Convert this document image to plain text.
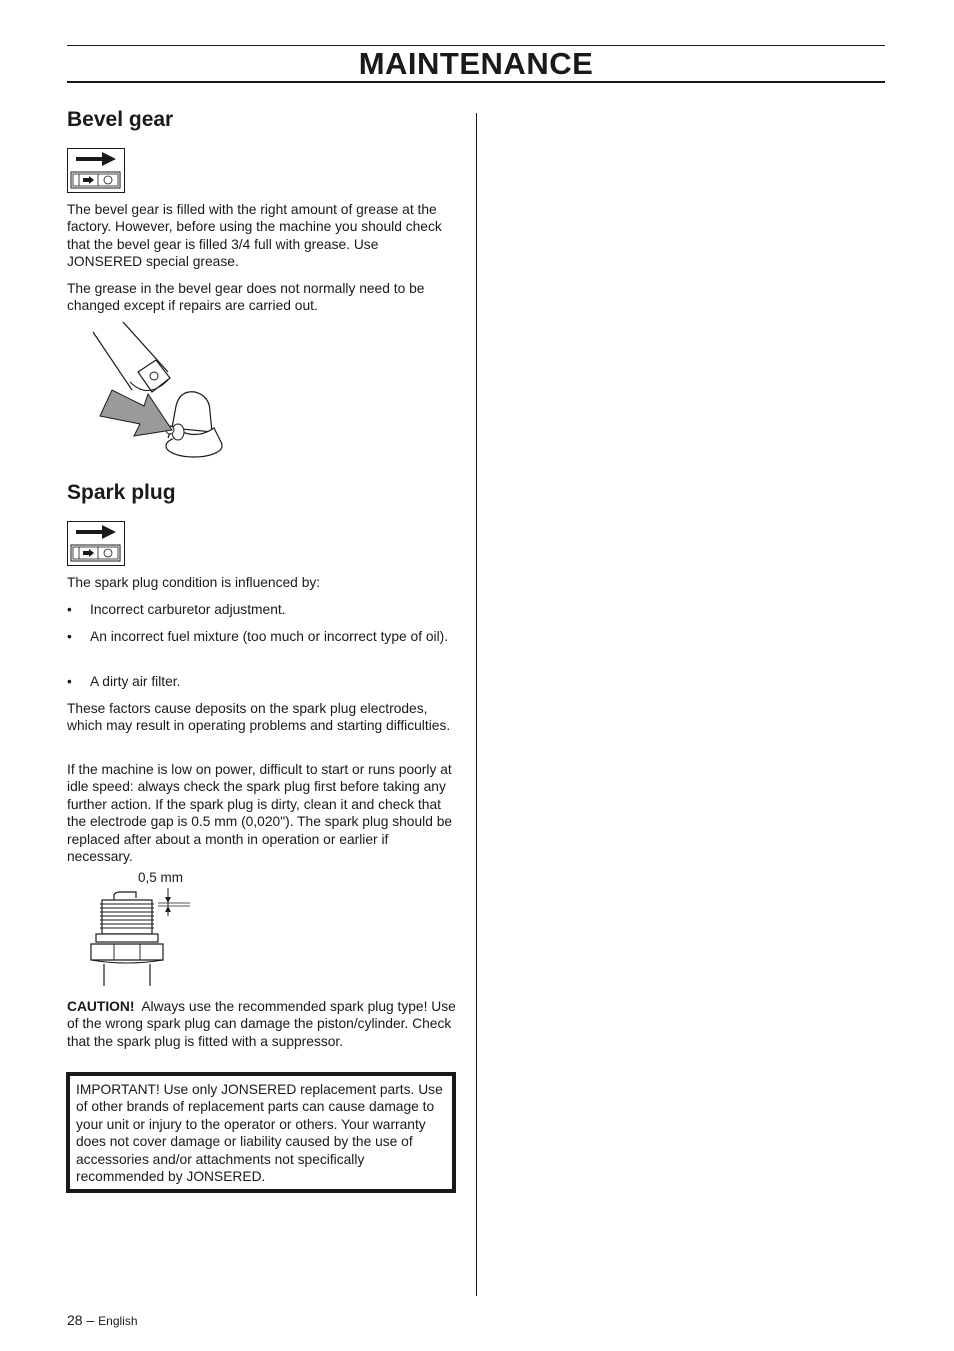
MAINTENANCE
Bevel gear
The bevel gear is filled with the right amount of grease at the factory. However, before using the machine you should check that the bevel gear is filled 3/4 full with grease. Use JONSERED special grease.
The grease in the bevel gear does not normally need to be changed except if repairs are carried out.
Spark plug
The spark plug condition is influenced by:
• Incorrect carburetor adjustment.
• An incorrect fuel mixture (too much or incorrect type of oil).
• A dirty air filter.
These factors cause deposits on the spark plug electrodes, which may result in operating problems and starting difficulties.
If the machine is low on power, difficult to start or runs poorly at idle speed: always check the spark plug first before taking any further action. If the spark plug is dirty, clean it and check that the electrode gap is 0.5 mm (0,020"). The spark plug should be replaced after about a month in operation or earlier if necessary.
0,5 mm
CAUTION! Always use the recommended spark plug type! Use of the wrong spark plug can damage the piston/cylinder. Check that the spark plug is fitted with a suppressor.
IMPORTANT! Use only JONSERED replacement parts. Use of other brands of replacement parts can cause damage to your unit or injury to the operator or others. Your warranty does not cover damage or liability caused by the use of accessories and/or attachments not specifically recommended by JONSERED.
28 – English
